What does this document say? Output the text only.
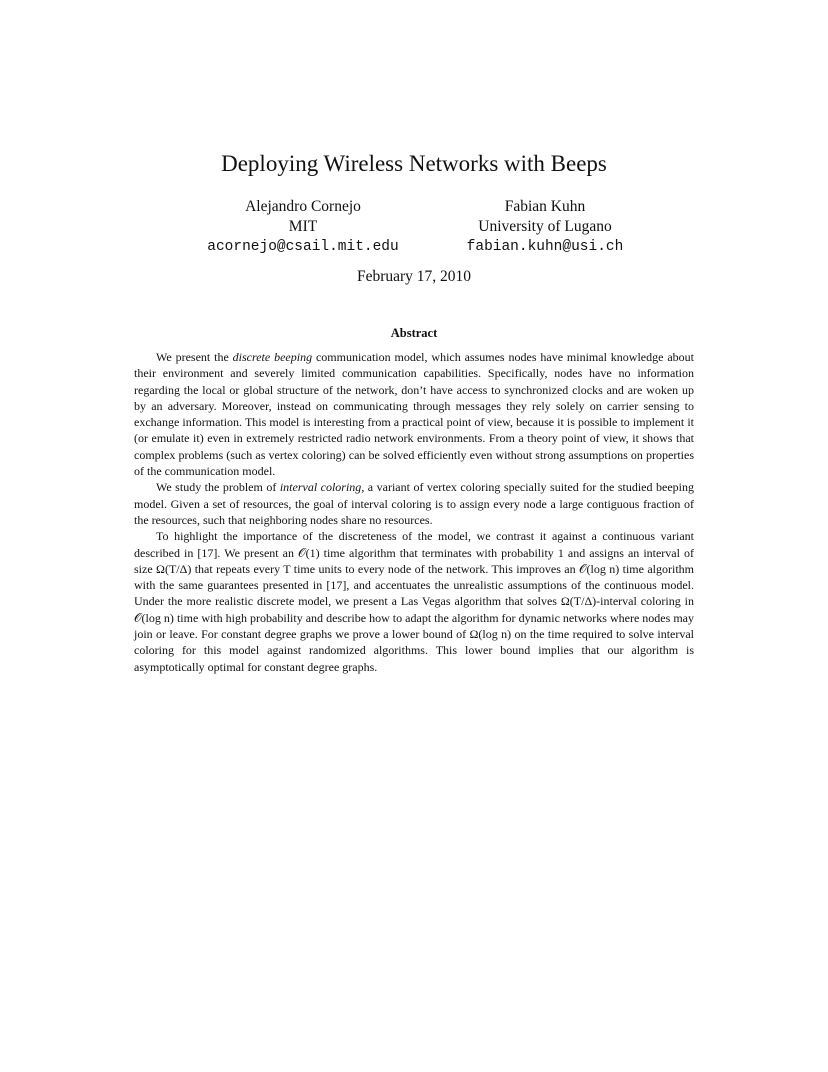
Deploying Wireless Networks with Beeps
Alejandro Cornejo
MIT
acornejo@csail.mit.edu
Fabian Kuhn
University of Lugano
fabian.kuhn@usi.ch
February 17, 2010
Abstract

We present the discrete beeping communication model, which assumes nodes have minimal knowledge about their environment and severely limited communication capabilities. Specifically, nodes have no information regarding the local or global structure of the network, don’t have access to synchronized clocks and are woken up by an adversary. Moreover, instead on communicating through messages they rely solely on carrier sensing to exchange information. This model is interesting from a practical point of view, because it is possible to implement it (or emulate it) even in extremely restricted radio network environments. From a theory point of view, it shows that complex problems (such as vertex coloring) can be solved efficiently even without strong assumptions on properties of the communication model.

We study the problem of interval coloring, a variant of vertex coloring specially suited for the studied beeping model. Given a set of resources, the goal of interval coloring is to assign every node a large contiguous fraction of the resources, such that neighboring nodes share no resources.

To highlight the importance of the discreteness of the model, we contrast it against a continuous variant described in [17]. We present an 𝒪(1) time algorithm that terminates with probability 1 and assigns an interval of size Ω(T/Δ) that repeats every T time units to every node of the network. This improves an 𝒪(log n) time algorithm with the same guarantees presented in [17], and accentuates the unrealistic assumptions of the continuous model. Under the more realistic discrete model, we present a Las Vegas algorithm that solves Ω(T/Δ)-interval coloring in 𝒪(log n) time with high probability and describe how to adapt the algorithm for dynamic networks where nodes may join or leave. For constant degree graphs we prove a lower bound of Ω(log n) on the time required to solve interval coloring for this model against randomized algorithms. This lower bound implies that our algorithm is asymptotically optimal for constant degree graphs.
